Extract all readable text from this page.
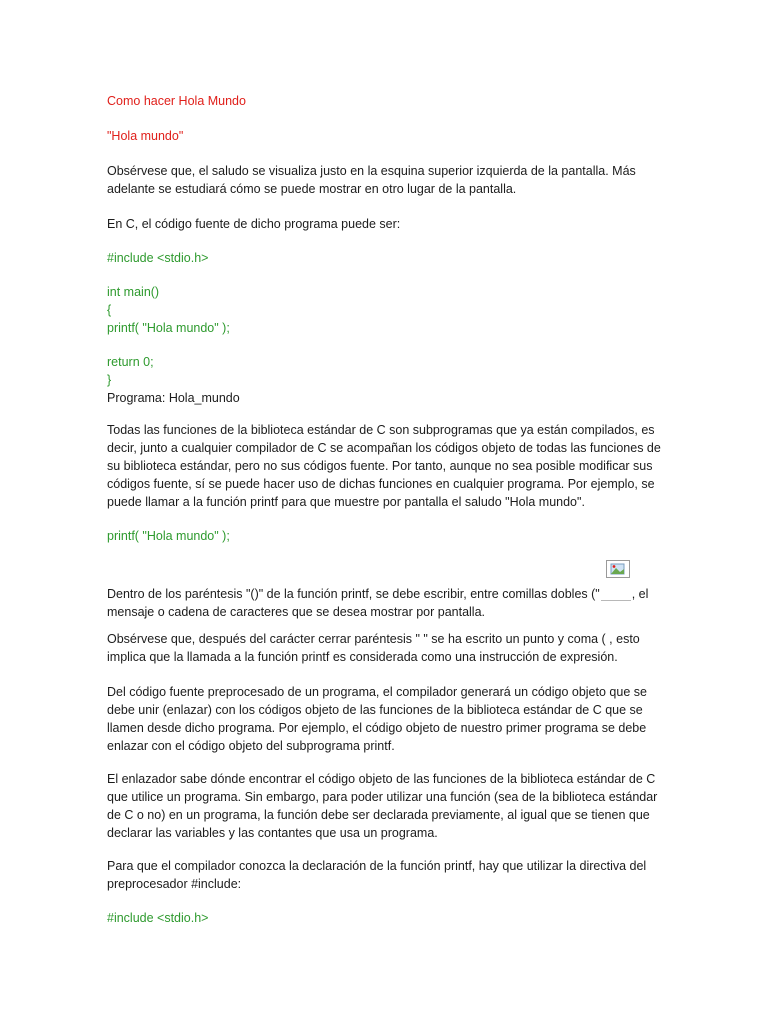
Como hacer Hola Mundo

"Hola mundo"

Obsérvese que, el saludo se visualiza justo en la esquina superior izquierda de la pantalla. Más adelante se estudiará cómo se puede mostrar en otro lugar de la pantalla.

En C, el código fuente de dicho programa puede ser:

#include <stdio.h>

int main()
{
printf( "Hola mundo" );
return 0;
}
Programa: Hola_mundo

Todas las funciones de la biblioteca estándar de C son subprogramas que ya están compilados, es decir, junto a cualquier compilador de C se acompañan los códigos objeto de todas las funciones de su biblioteca estándar, pero no sus códigos fuente. Por tanto, aunque no sea posible modificar sus códigos fuente, sí se puede hacer uso de dichas funciones en cualquier programa. Por ejemplo, se puede llamar a la función printf para que muestre por pantalla el saludo "Hola mundo".

printf( "Hola mundo" );

Dentro de los paréntesis "()" de la función printf, se debe escribir, entre comillas dobles ("	, el mensaje o cadena de caracteres que se desea mostrar por pantalla.

Obsérvese que, después del carácter cerrar paréntesis " " se ha escrito un punto y coma ( , esto implica que la llamada a la función printf es considerada como una instrucción de expresión.

Del código fuente preprocesado de un programa, el compilador generará un código objeto que se debe unir (enlazar) con los códigos objeto de las funciones de la biblioteca estándar de C que se llamen desde dicho programa. Por ejemplo, el código objeto de nuestro primer programa se debe enlazar con el código objeto del subprograma printf.

El enlazador sabe dónde encontrar el código objeto de las funciones de la biblioteca estándar de C que utilice un programa. Sin embargo, para poder utilizar una función (sea de la biblioteca estándar de C o no) en un programa, la función debe ser declarada previamente, al igual que se tienen que declarar las variables y las contantes que usa un programa.

Para que el compilador conozca la declaración de la función printf, hay que utilizar la directiva del preprocesador #include:

#include <stdio.h>
